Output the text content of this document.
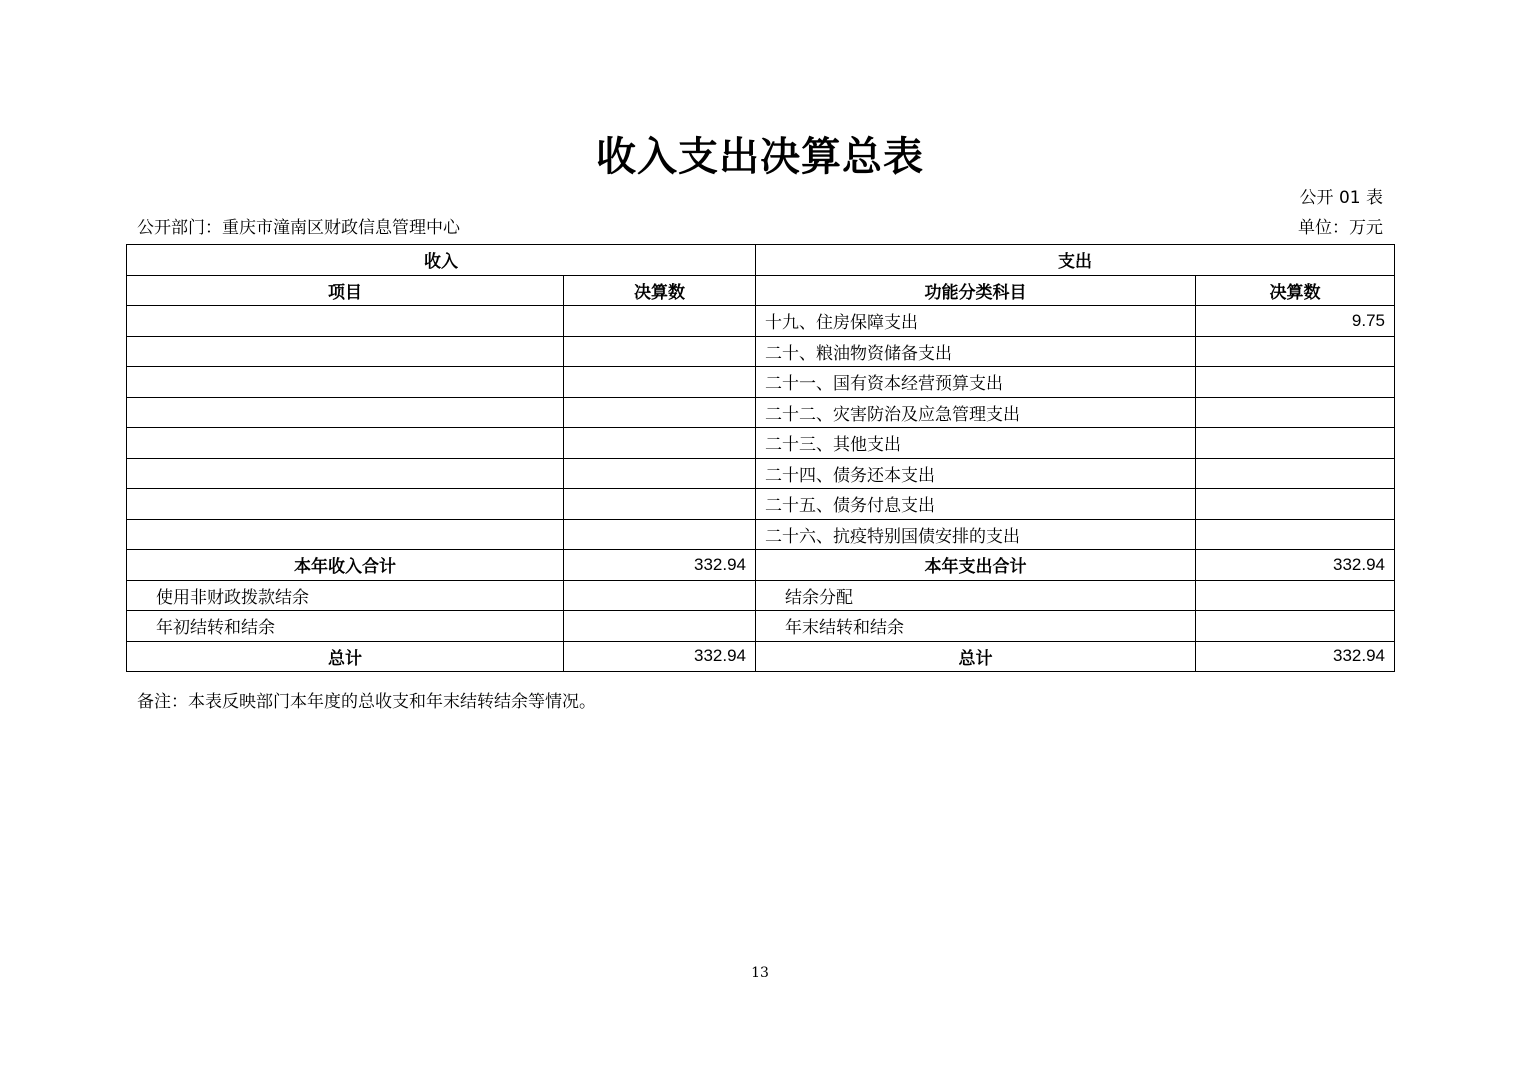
收入支出决算总表
公开 01 表
公开部门：重庆市潼南区财政信息管理中心	单位：万元
收入		支出	
项目	决算数	功能分类科目	决算数
		十九、住房保障支出	9.75
		二十、粮油物资储备支出	
		二十一、国有资本经营预算支出	
		二十二、灾害防治及应急管理支出	
		二十三、其他支出	
		二十四、债务还本支出	
		二十五、债务付息支出	
		二十六、抗疫特别国债安排的支出	
本年收入合计	332.94	本年支出合计	332.94
使用非财政拨款结余		结余分配	
年初结转和结余		年末结转和结余	
总计	332.94	总计	332.94
备注：本表反映部门本年度的总收支和年末结转结余等情况。
13
